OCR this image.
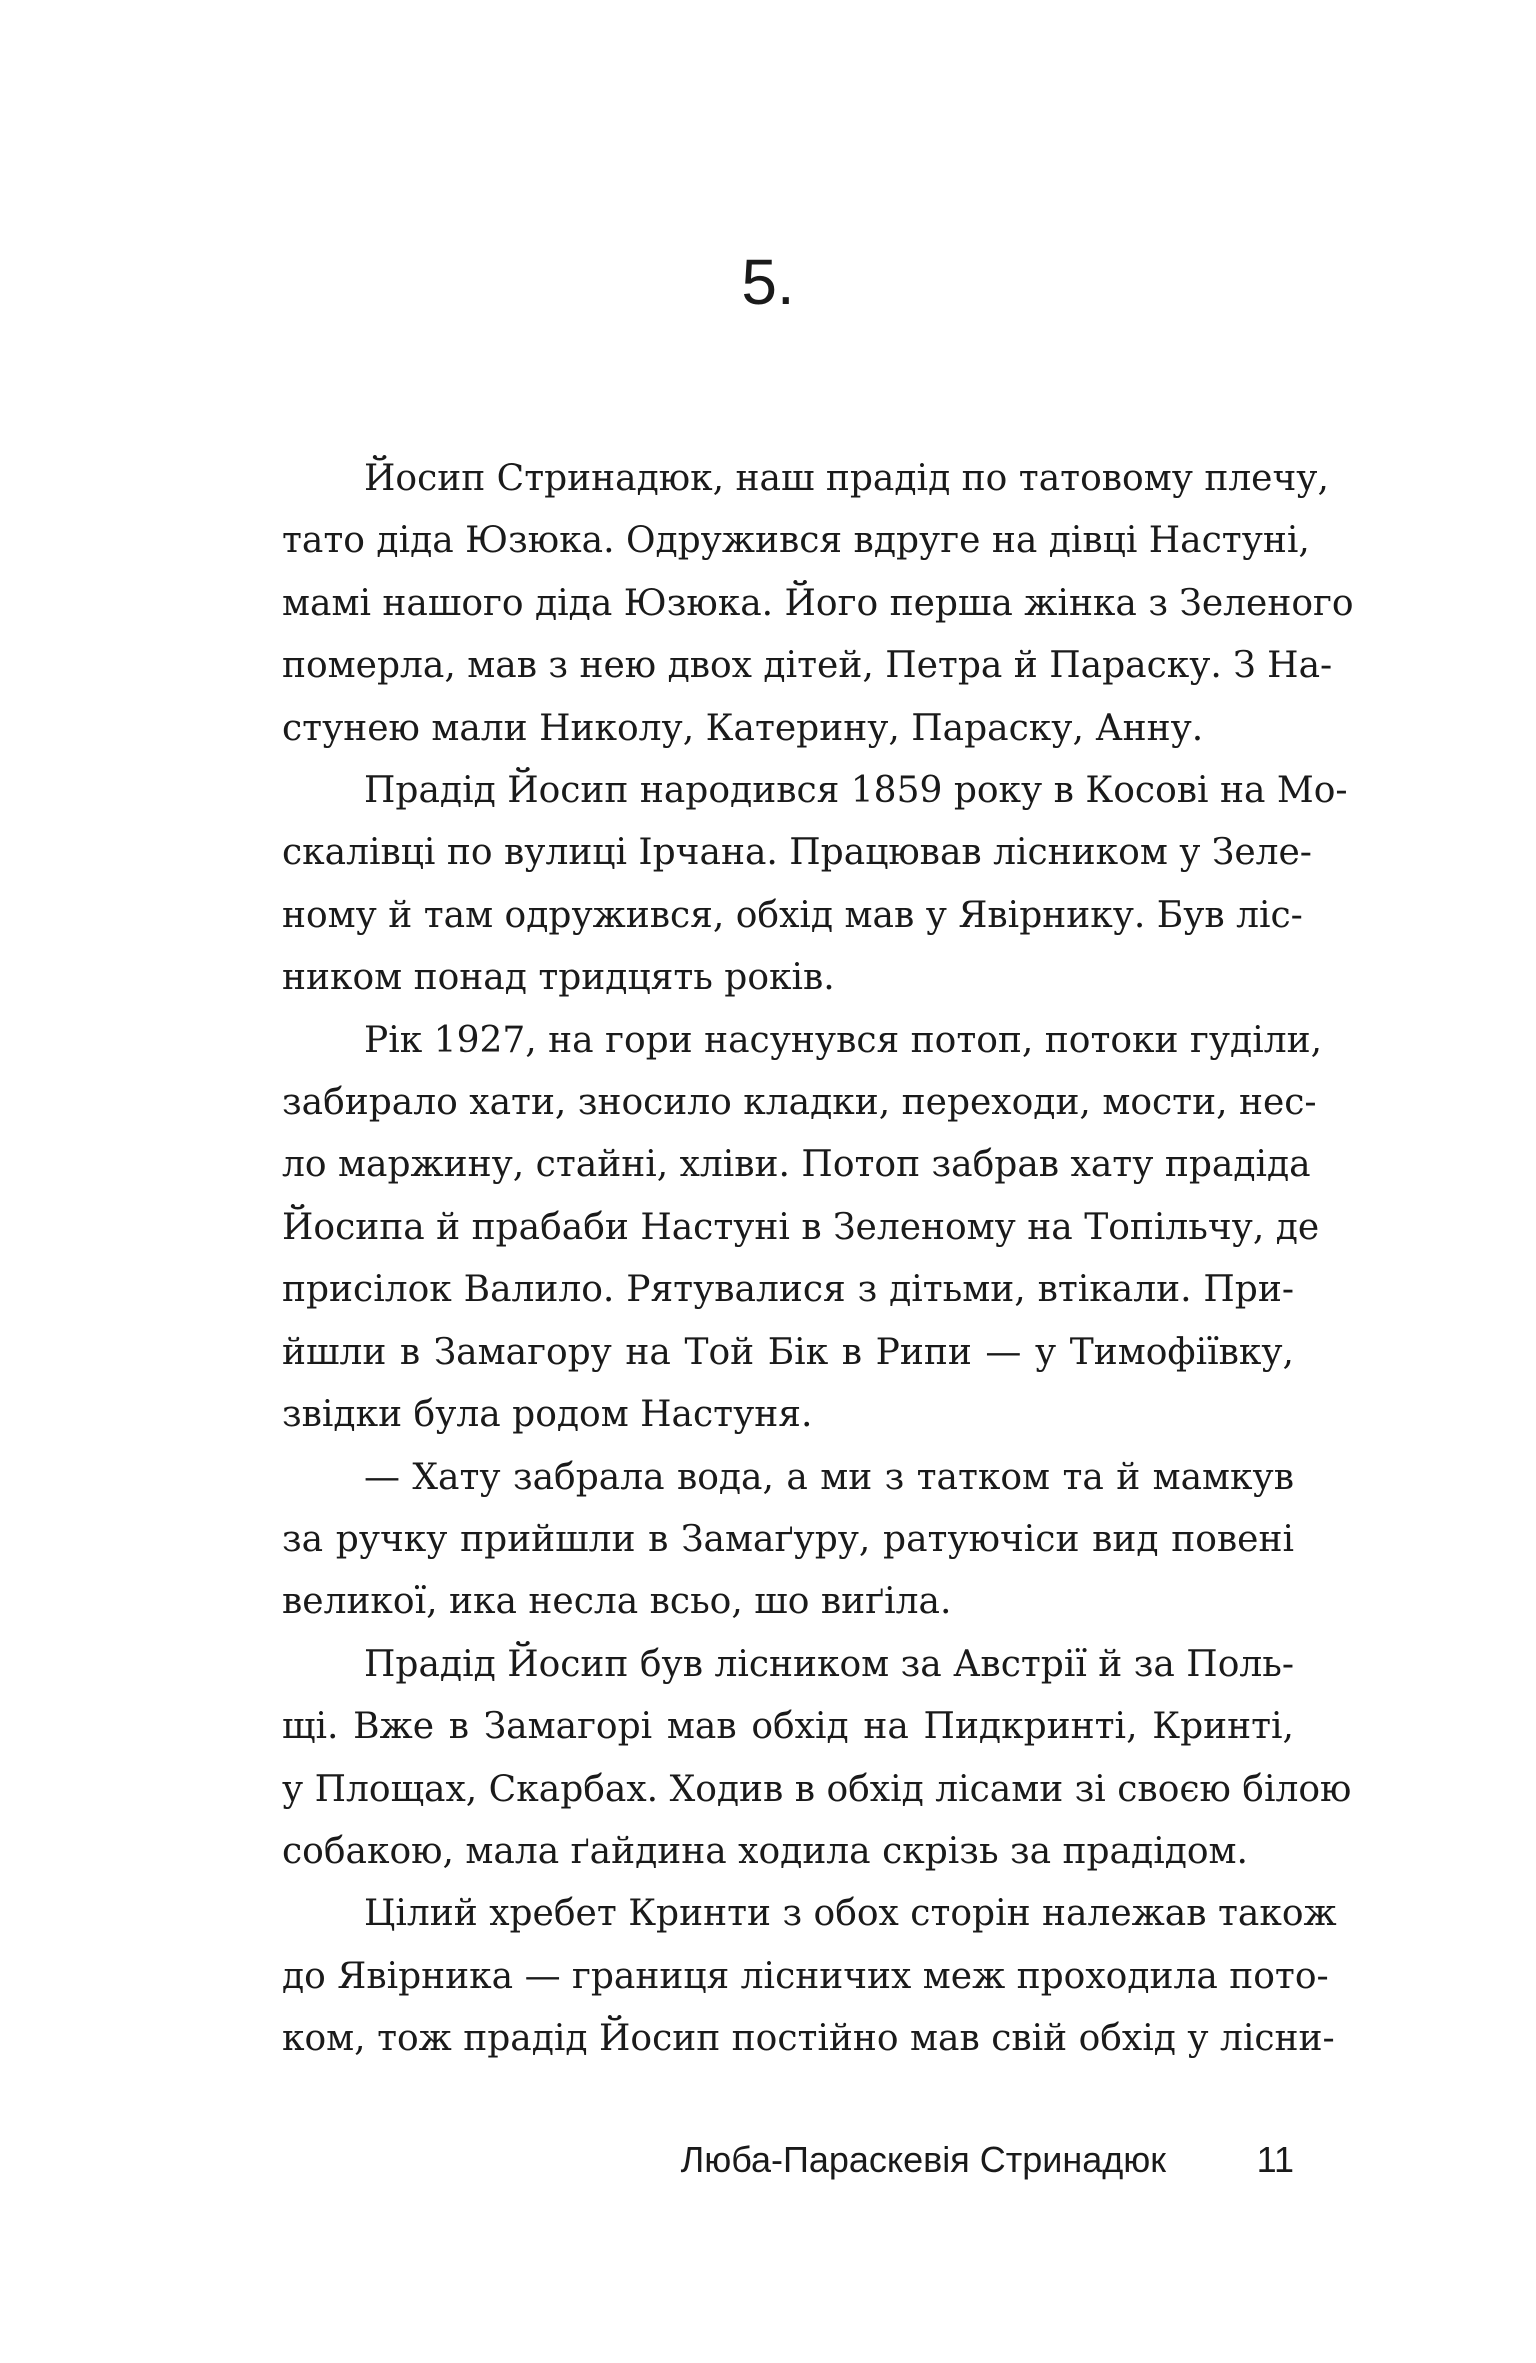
5.
Йосип Стринадюк, наш прадід по татовому плечу,
тато діда Юзюка. Одружився вдруге на дівці Настуні,
мамі нашого діда Юзюка. Його перша жінка з Зеленого
померла, мав з нею двох дітей, Петра й Параску. З На-
стунею мали Николу, Катерину, Параску, Анну.
Прадід Йосип народився 1859 року в Косові на Мо-
скалівці по вулиці Ірчана. Працював лісником у Зеле-
ному й там одружився, обхід мав у Явірнику. Був ліс-
ником понад тридцять років.
Рік 1927, на гори насунувся потоп, потоки гуділи,
забирало хати, зносило кладки, переходи, мости, нес-
ло маржину, стайні, хліви. Потоп забрав хату прадіда
Йосипа й прабаби Настуні в Зеленому на Топільчу, де
присілок Валило. Рятувалися з дітьми, втікали. При-
йшли в Замагору на Той Бік в Рипи — у Тимофіївку,
звідки була родом Настуня.
— Хату забрала вода, а ми з татком та й мамкув
за ручку прийшли в Замаґуру, ратуючіси вид повені
великої, ика несла всьо, шо виґіла.
Прадід Йосип був лісником за Австрії й за Поль-
щі. Вже в Замагорі мав обхід на Пидкринті, Кринті,
у Площах, Скарбах. Ходив в обхід лісами зі своєю білою
собакою, мала ґайдина ходила скрізь за прадідом.
Цілий хребет Кринти з обох сторін належав також
до Явірника — границя лісничих меж проходила пото-
ком, тож прадід Йосип постійно мав свій обхід у лісни-
Люба-Параскевія Стринадюк	11
